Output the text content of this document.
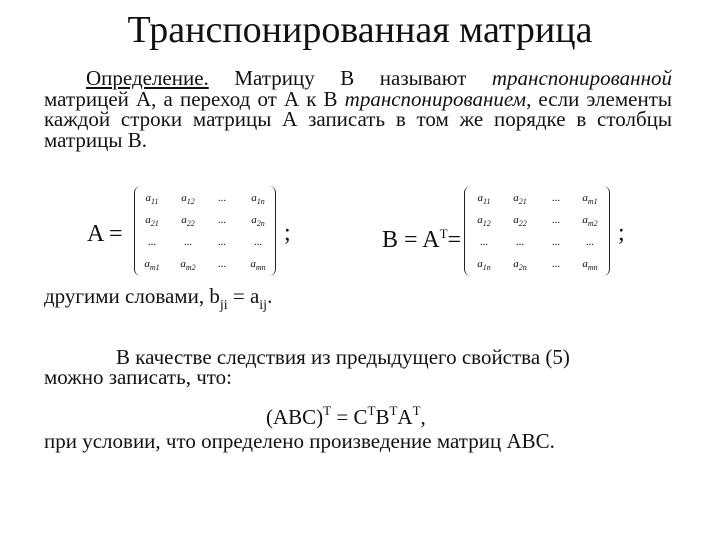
Транспонированная матрица
Определение. Матрицу В называют транспонированной матрицей А, а переход от А к В транспонированием, если элементы каждой строки матрицы А записать в том же порядке в столбцы матрицы В.
A =
$a_{11}$	$a_{12}$	...	$a_{1n}$
$a_{21}$	$a_{22}$	...	$a_{2n}$
...	...	...	...
$a_{m1}$	$a_{m2}$	...	$a_{mn}$
;	$B = A^T=$
$a_{11}$	$a_{21}$	...	$a_{m1}$
$a_{12}$	$a_{22}$	...	$a_{m2}$
...	...	...	...
$a_{1n}$	$a_{2n}$	...	$a_{mn}$
;
другими словами, $b_{ji} = a_{ij}$.
В качестве следствия из предыдущего свойства (5)
можно записать, что:
$(ABC)^T = C^TB^TA^T$,
при условии, что определено произведение матриц ABC.
